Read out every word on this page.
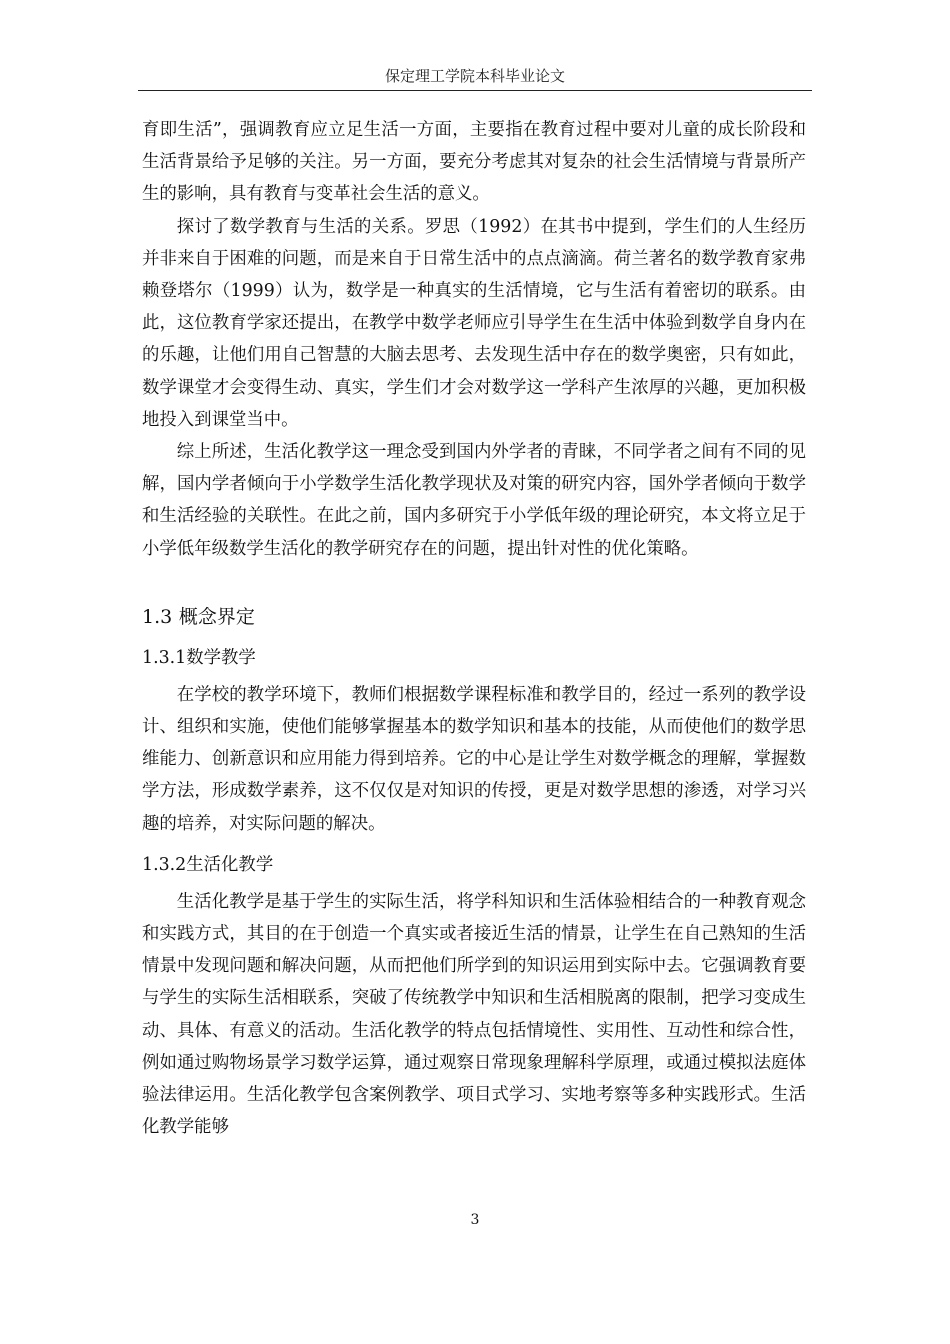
保定理工学院本科毕业论文

育即生活”，强调教育应立足生活一方面，主要指在教育过程中要对儿童的成长阶段和生活背景给予足够的关注。另一方面，要充分考虑其对复杂的社会生活情境与背景所产生的影响，具有教育与变革社会生活的意义。

探讨了数学教育与生活的关系。罗思（1992）在其书中提到，学生们的人生经历并非来自于困难的问题，而是来自于日常生活中的点点滴滴。荷兰著名的数学教育家弗赖登塔尔（1999）认为，数学是一种真实的生活情境，它与生活有着密切的联系。由此，这位教育学家还提出，在教学中数学老师应引导学生在生活中体验到数学自身内在的乐趣，让他们用自己智慧的大脑去思考、去发现生活中存在的数学奥密，只有如此，数学课堂才会变得生动、真实，学生们才会对数学这一学科产生浓厚的兴趣，更加积极地投入到课堂当中。

综上所述，生活化教学这一理念受到国内外学者的青睐，不同学者之间有不同的见解，国内学者倾向于小学数学生活化教学现状及对策的研究内容，国外学者倾向于数学和生活经验的关联性。在此之前，国内多研究于小学低年级的理论研究，本文将立足于小学低年级数学生活化的教学研究存在的问题，提出针对性的优化策略。

1.3 概念界定
1.3.1数学教学

在学校的教学环境下，教师们根据数学课程标准和教学目的，经过一系列的教学设计、组织和实施，使他们能够掌握基本的数学知识和基本的技能，从而使他们的数学思维能力、创新意识和应用能力得到培养。它的中心是让学生对数学概念的理解，掌握数学方法，形成数学素养，这不仅仅是对知识的传授，更是对数学思想的渗透，对学习兴趣的培养，对实际问题的解决。

1.3.2生活化教学

生活化教学是基于学生的实际生活，将学科知识和生活体验相结合的一种教育观念和实践方式，其目的在于创造一个真实或者接近生活的情景，让学生在自己熟知的生活情景中发现问题和解决问题，从而把他们所学到的知识运用到实际中去。它强调教育要与学生的实际生活相联系，突破了传统教学中知识和生活相脱离的限制，把学习变成生动、具体、有意义的活动。生活化教学的特点包括情境性、实用性、互动性和综合性，例如通过购物场景学习数学运算，通过观察日常现象理解科学原理，或通过模拟法庭体验法律运用。生活化教学包含案例教学、项目式学习、实地考察等多种实践形式。生活化教学能够

3
